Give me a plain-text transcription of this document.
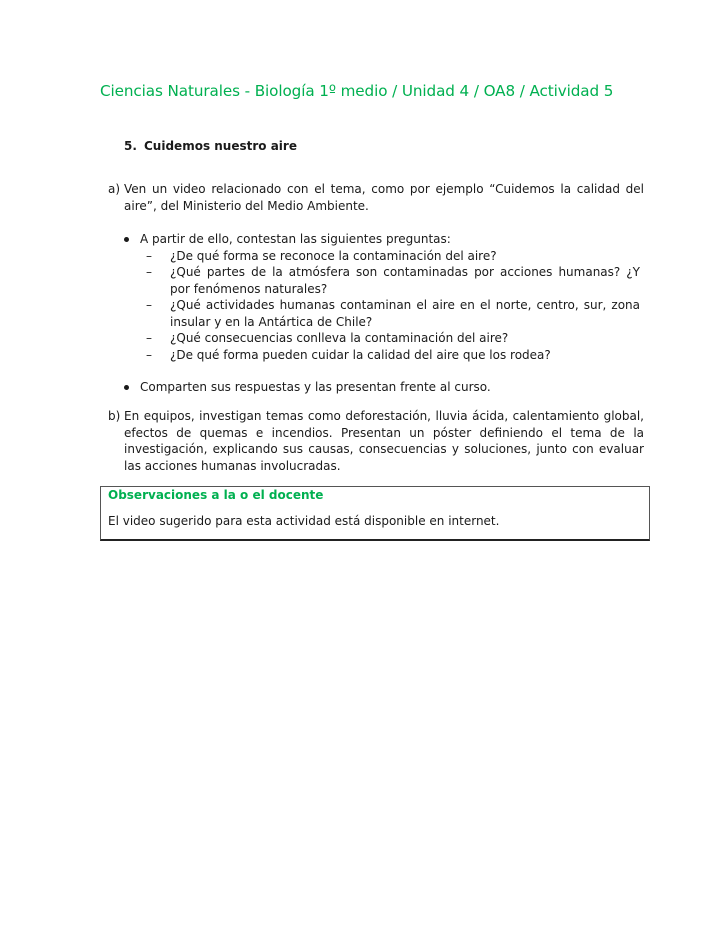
Ciencias Naturales - Biología 1º medio / Unidad 4 / OA8 / Actividad 5
5. Cuidemos nuestro aire
a) Ven un video relacionado con el tema, como por ejemplo “Cuidemos la calidad del aire”, del Ministerio del Medio Ambiente.
A partir de ello, contestan las siguientes preguntas:
– ¿De qué forma se reconoce la contaminación del aire?
– ¿Qué partes de la atmósfera son contaminadas por acciones humanas? ¿Y por fenómenos naturales?
– ¿Qué actividades humanas contaminan el aire en el norte, centro, sur, zona insular y en la Antártica de Chile?
– ¿Qué consecuencias conlleva la contaminación del aire?
– ¿De qué forma pueden cuidar la calidad del aire que los rodea?
Comparten sus respuestas y las presentan frente al curso.
b) En equipos, investigan temas como deforestación, lluvia ácida, calentamiento global, efectos de quemas e incendios. Presentan un póster definiendo el tema de la investigación, explicando sus causas, consecuencias y soluciones, junto con evaluar las acciones humanas involucradas.
Observaciones a la o el docente
El video sugerido para esta actividad está disponible en internet.
